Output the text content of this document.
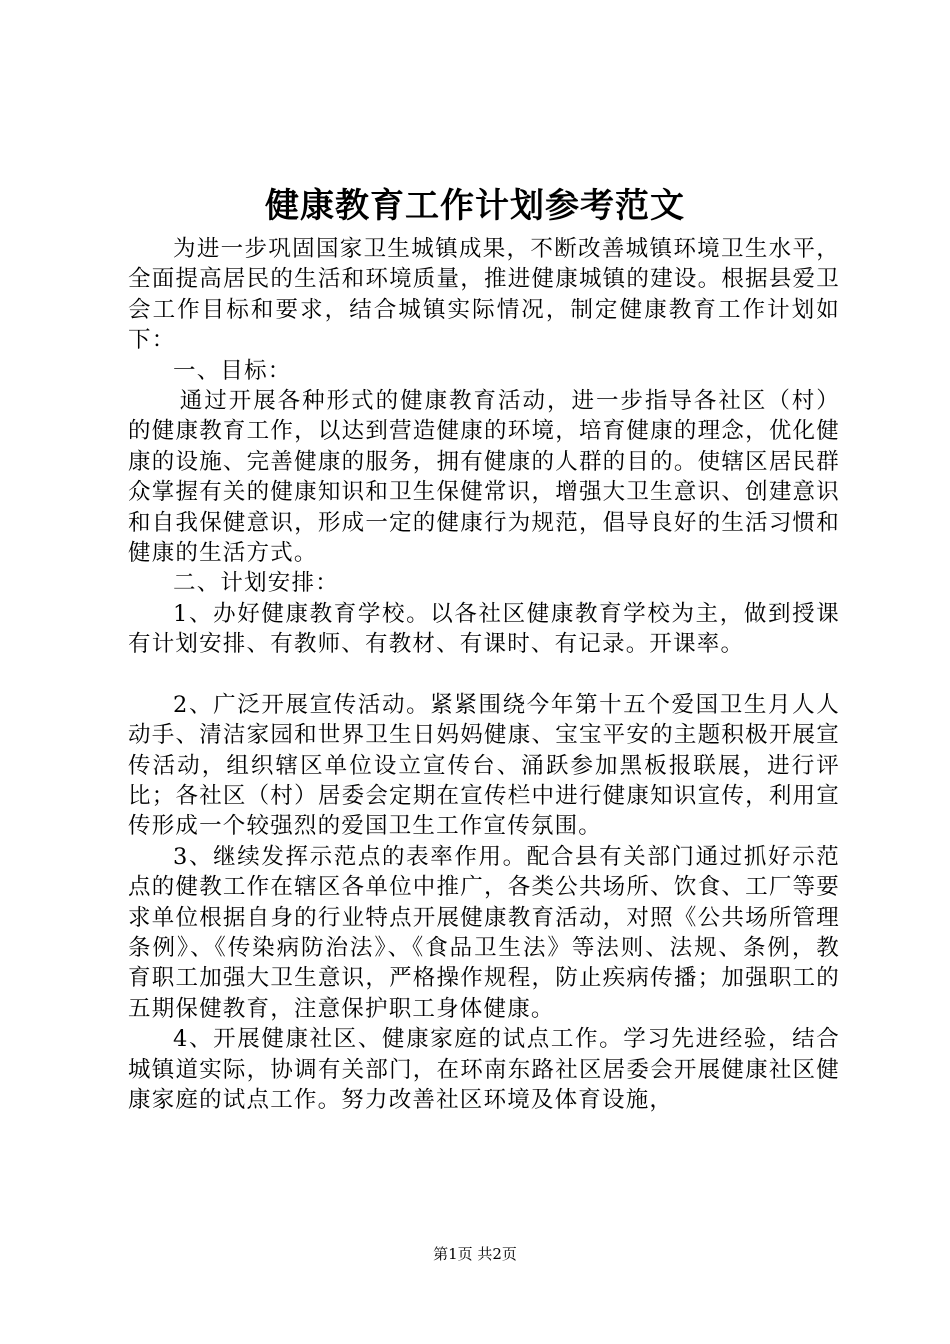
健康教育工作计划参考范文

为进一步巩固国家卫生城镇成果，不断改善城镇环境卫生水平，全面提高居民的生活和环境质量，推进健康城镇的建设。根据县爱卫会工作目标和要求，结合城镇实际情况，制定健康教育工作计划如下：

一、目标：

通过开展各种形式的健康教育活动，进一步指导各社区（村）的健康教育工作，以达到营造健康的环境，培育健康的理念，优化健康的设施、完善健康的服务，拥有健康的人群的目的。使辖区居民群众掌握有关的健康知识和卫生保健常识，增强大卫生意识、创建意识和自我保健意识，形成一定的健康行为规范，倡导良好的生活习惯和健康的生活方式。

二、计划安排：

1、办好健康教育学校。以各社区健康教育学校为主，做到授课有计划安排、有教师、有教材、有课时、有记录。开课率。

2、广泛开展宣传活动。紧紧围绕今年第十五个爱国卫生月人人动手、清洁家园和世界卫生日妈妈健康、宝宝平安的主题积极开展宣传活动，组织辖区单位设立宣传台、涌跃参加黑板报联展，进行评比；各社区（村）居委会定期在宣传栏中进行健康知识宣传，利用宣传形成一个较强烈的爱国卫生工作宣传氛围。

3、继续发挥示范点的表率作用。配合县有关部门通过抓好示范点的健教工作在辖区各单位中推广，各类公共场所、饮食、工厂等要求单位根据自身的行业特点开展健康教育活动，对照《公共场所管理条例》、《传染病防治法》、《食品卫生法》等法则、法规、条例，教育职工加强大卫生意识，严格操作规程，防止疾病传播；加强职工的五期保健教育，注意保护职工身体健康。

4、开展健康社区、健康家庭的试点工作。学习先进经验，结合城镇道实际，协调有关部门，在环南东路社区居委会开展健康社区健康家庭的试点工作。努力改善社区环境及体育设施，

第1页 共2页
